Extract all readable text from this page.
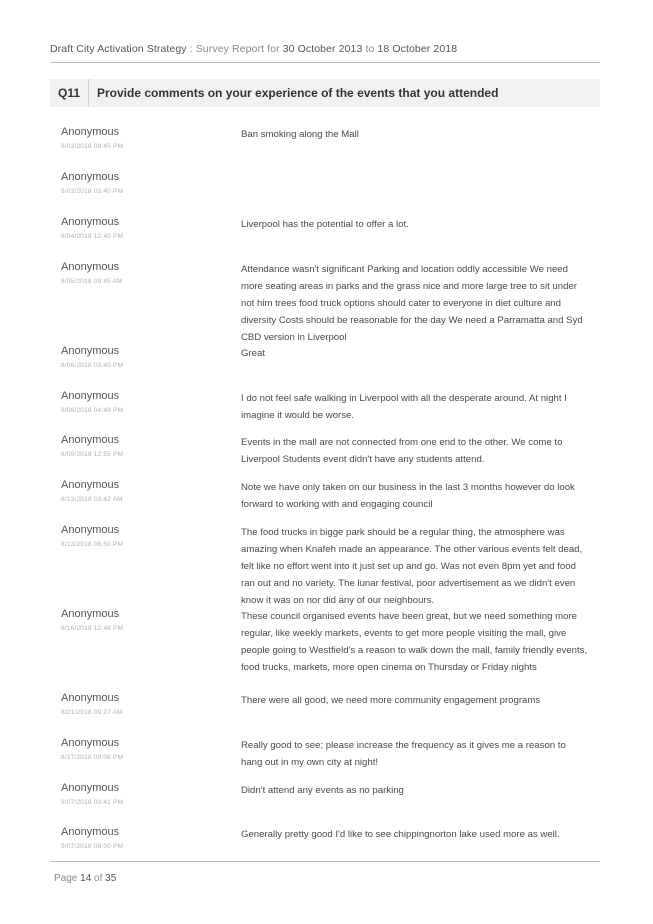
Draft City Activation Strategy : Survey Report for 30 October 2013 to 18 October 2018
Q11	Provide comments on your experience of the events that you attended
Anonymous
8/03/2018 08:45 PM
Ban smoking along the Mall
Anonymous
8/03/2018 03:40 PM
Anonymous
8/04/2018 12:40 PM
Liverpool has the potential to offer a lot.
Anonymous
8/05/2018 09:45 AM
Attendance wasn't significant Parking and location oddly accessible We need more seating areas in parks and the grass nice and more large tree to sit under not him trees food truck options should cater to everyone in diet culture and diversity Costs should be reasonable for the day We need a Parramatta and Syd CBD version in Liverpool
Anonymous
8/06/2018 03:45 PM
Great
Anonymous
8/06/2018 04:49 PM
I do not feel safe walking in Liverpool with all the desperate around. At night I imagine it would be worse.
Anonymous
8/09/2018 12:55 PM
Events in the mall are not connected from one end to the other. We come to Liverpool Students event didn't have any students attend.
Anonymous
8/13/2018 03:42 AM
Note we have only taken on our business in the last 3 months however do look forward to working with and engaging council
Anonymous
8/13/2018 06:50 PM
The food trucks in bigge park should be a regular thing, the atmosphere was amazing when Knafeh made an appearance. The other various events felt dead, felt like no effort went into it just set up and go. Was not even 8pm yet and food ran out and no variety. The lunar festival, poor advertisement as we didn't even know it was on nor did any of our neighbours.
Anonymous
8/16/2018 12:46 PM
These council organised events have been great, but we need something more regular, like weekly markets, events to get more people visiting the mall, give people going to Westfield's a reason to walk down the mall, family friendly events, food trucks, markets, more open cinema on Thursday or Friday nights
Anonymous
8/21/2018 09:27 AM
There were all good, we need more community engagement programs
Anonymous
8/27/2018 09:08 PM
Really good to see; please increase the frequency as it gives me a reason to hang out in my own city at night!
Anonymous
9/07/2018 03:41 PM
Didn't attend any events as no parking
Anonymous
9/07/2018 08:00 PM
Generally pretty good I'd like to see chippingnorton lake used more as well.
Page 14 of 35
